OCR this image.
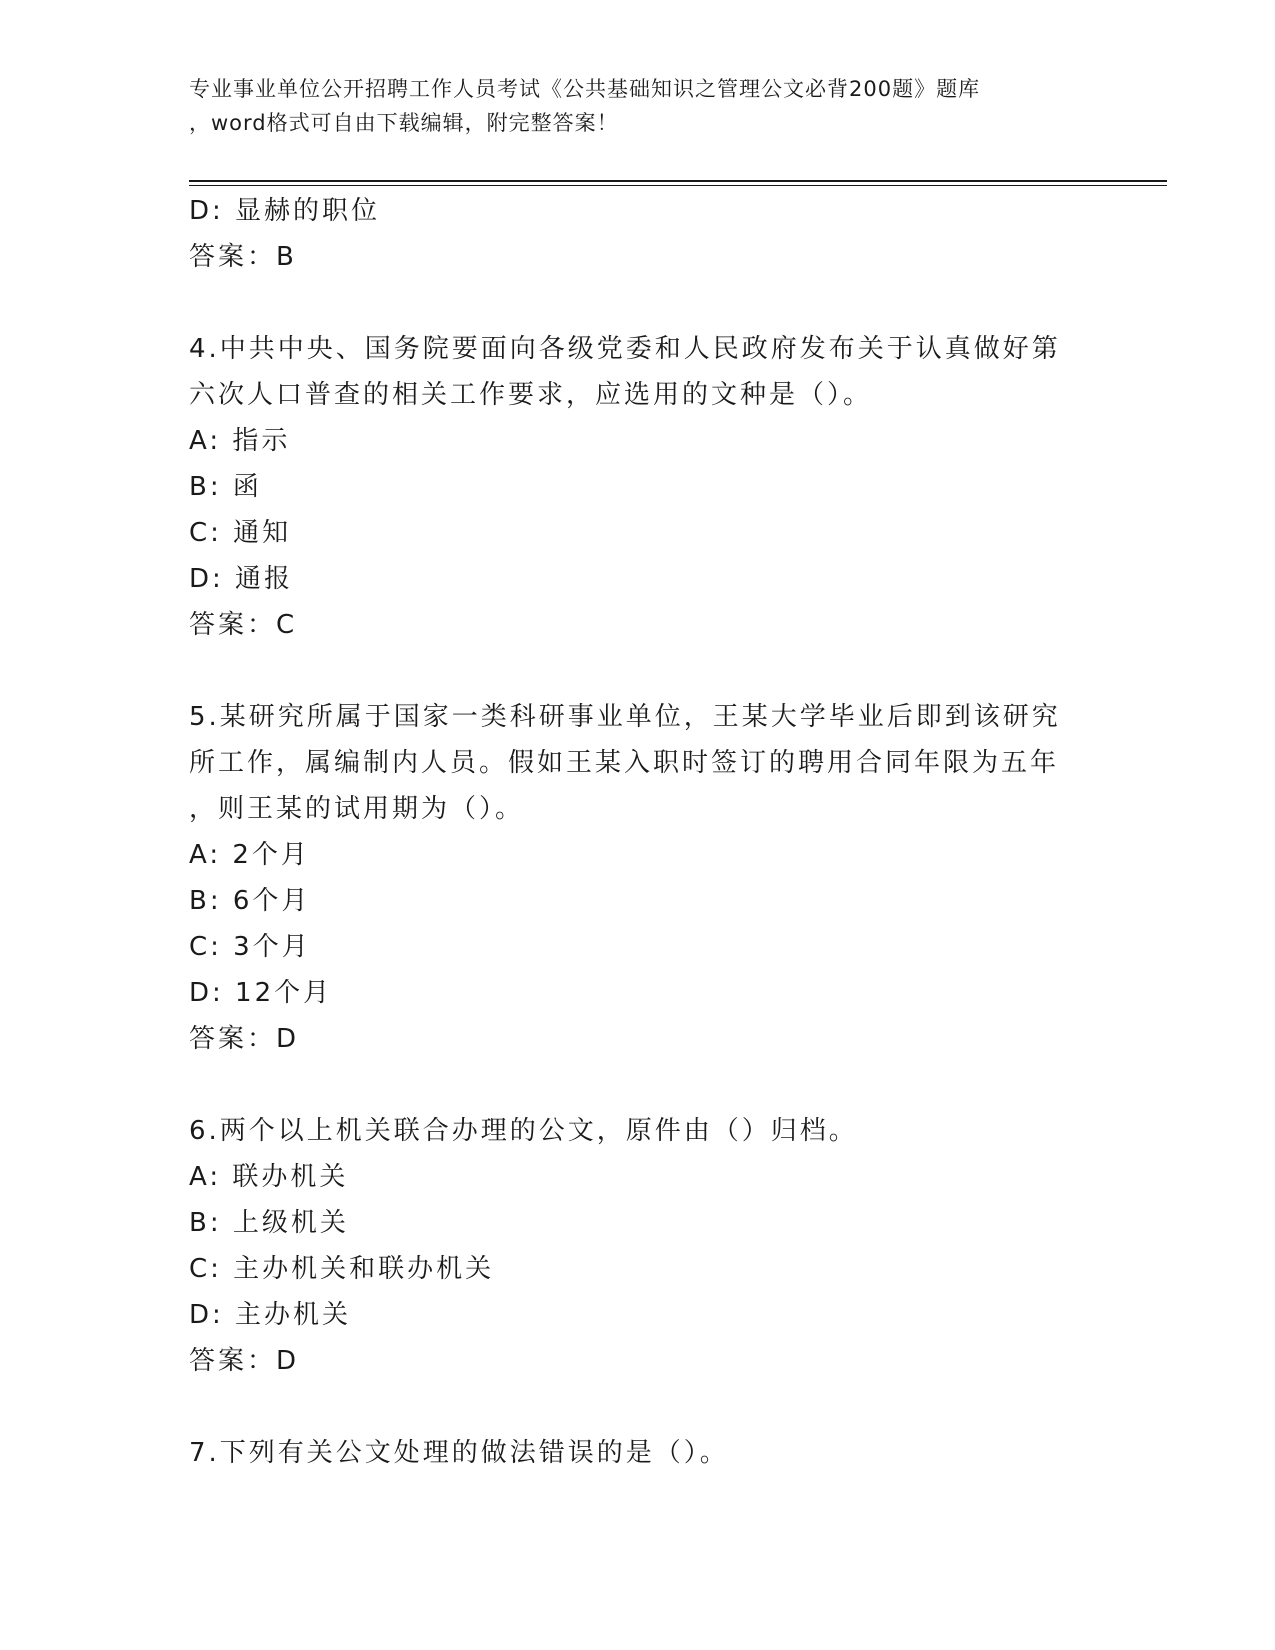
专业事业单位公开招聘工作人员考试《公共基础知识之管理公文必背200题》题库
，word格式可自由下载编辑，附完整答案！
D: 显赫的职位
答案：B
4.中共中央、国务院要面向各级党委和人民政府发布关于认真做好第
六次人口普查的相关工作要求，应选用的文种是（）。
A: 指示
B: 函
C: 通知
D: 通报
答案：C
5.某研究所属于国家一类科研事业单位，王某大学毕业后即到该研究
所工作，属编制内人员。假如王某入职时签订的聘用合同年限为五年
，则王某的试用期为（）。
A: 2个月
B: 6个月
C: 3个月
D: 12个月
答案：D
6.两个以上机关联合办理的公文，原件由（）归档。
A: 联办机关
B: 上级机关
C: 主办机关和联办机关
D: 主办机关
答案：D
7.下列有关公文处理的做法错误的是（）。
